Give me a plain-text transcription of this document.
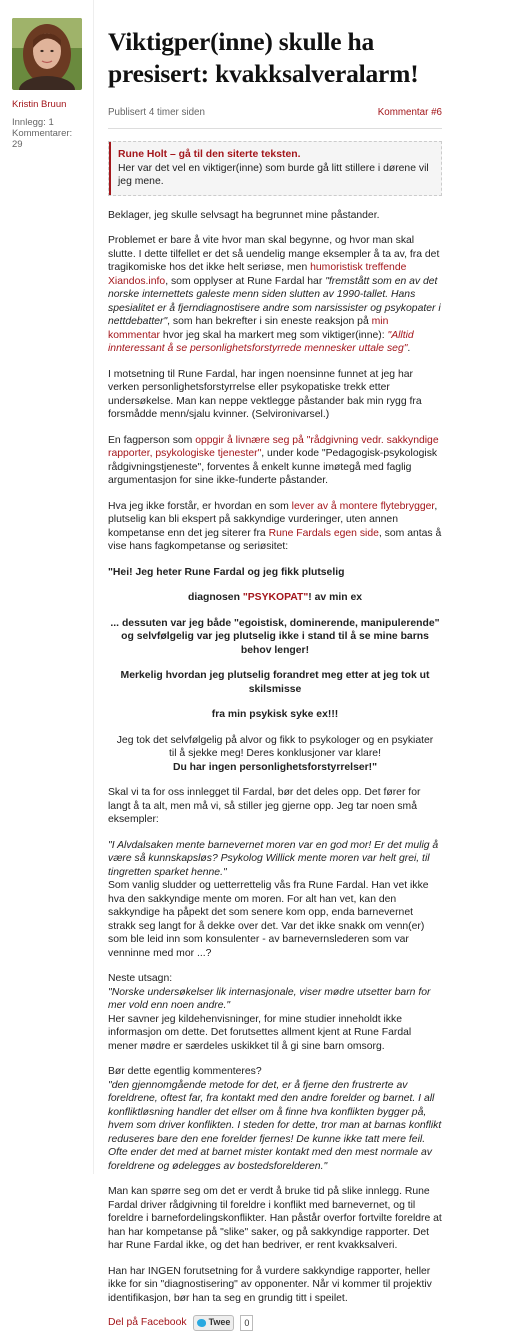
Kristin Bruun
Innlegg: 1
Kommentarer:
29
Viktigper(inne) skulle ha presisert: kvakksalveralarm!
Publisert 4 timer siden	Kommentar #6
Rune Holt – gå til den siterte teksten.
Her var det vel en viktiger(inne) som burde gå litt stillere i dørene vil jeg mene.

Beklager, jeg skulle selvsagt ha begrunnet mine påstander.

Problemet er bare å vite hvor man skal begynne, og hvor man skal slutte. I dette tilfellet er det så uendelig mange eksempler å ta av, fra det tragikomiske hos det ikke helt seriøse, men humoristisk treffende Xiandos.info, som opplyser at Rune Fardal har "fremstått som en av det norske internettets galeste menn siden slutten av 1990-tallet. Hans spesialitet er å fjerndiagnostisere andre som narsissister og psykopater i nettdebatter", som han bekrefter i sin eneste reaksjon på min kommentar hvor jeg skal ha markert meg som viktiger(inne): "Alltid innteressant å se personlighetsforstyrrede mennesker uttale seg".

I motsetning til Rune Fardal, har ingen noensinne funnet at jeg har verken personlighetsforstyrrelse eller psykopatiske trekk etter undersøkelse. Man kan neppe vektlegge påstander bak min rygg fra forsmådde menn/sjalu kvinner. (Selvironivarsel.)

En fagperson som oppgir å livnære seg på "rådgivning vedr. sakkyndige rapporter, psykologiske tjenester", under kode "Pedagogisk-psykologisk rådgivningstjeneste", forventes å enkelt kunne imøtegå med faglig argumentasjon for sine ikke-funderte påstander.

Hva jeg ikke forstår, er hvordan en som lever av å montere flytebrygger, plutselig kan bli ekspert på sakkyndige vurderinger, uten annen kompetanse enn det jeg siterer fra Rune Fardals egen side, som antas å vise hans fagkompetanse og seriøsitet:

"Hei! Jeg heter Rune Fardal og jeg fikk plutselig

diagnosen "PSYKOPAT"! av min ex

... dessuten var jeg både "egoistisk, dominerende, manipulerende" og selvfølgelig var jeg plutselig ikke i stand til å se mine barns behov lenger!

Merkelig hvordan jeg plutselig forandret meg etter at jeg tok ut skilsmisse

fra min psykisk syke ex!!!

Jeg tok det selvfølgelig på alvor og fikk to psykologer og en psykiater
til å sjekke meg! Deres konklusjoner var klare!
Du har ingen personlighetsforstyrrelser!"

Skal vi ta for oss innlegget til Fardal, bør det deles opp. Det fører for langt å ta alt, men må vi, så stiller jeg gjerne opp. Jeg tar noen små eksempler:

"I Alvdalsaken mente barnevernet moren var en god mor! Er det mulig å være så kunnskapsløs? Psykolog Willick mente moren var helt grei, til tingretten sparket henne."
Som vanlig sludder og uetterrettelig vås fra Rune Fardal. Han vet ikke hva den sakkyndige mente om moren. For alt han vet, kan den sakkyndige ha påpekt det som senere kom opp, enda barnevernet strakk seg langt for å dekke over det. Var det ikke snakk om venn(er) som ble leid inn som konsulenter - av barnevernslederen som var venninne med mor ...?

Neste utsagn:
"Norske undersøkelser lik internasjonale, viser mødre utsetter barn for mer vold enn noen andre."
Her savner jeg kildehenvisninger, for mine studier inneholdt ikke informasjon om dette. Det forutsettes allment kjent at Rune Fardal mener mødre er særdeles uskikket til å gi sine barn omsorg.

Bør dette egentlig kommenteres?
"den gjennomgående metode for det, er å fjerne den frustrerte av foreldrene, oftest far, fra kontakt med den andre forelder og barnet. I all konfliktløsning handler det ellser om å finne hva konflikten bygger på, hvem som driver konflikten. I steden for dette, tror man at barnas konflikt reduseres bare den ene forelder fjernes! De kunne ikke tatt mere feil. Ofte ender det med at barnet mister kontakt med den mest normale av foreldrene og ødelegges av bostedsforelderen."

Man kan spørre seg om det er verdt å bruke tid på slike innlegg. Rune Fardal driver rådgivning til foreldre i konflikt med barnevernet, og til foreldre i barnefordelingskonflikter. Han påstår overfor fortvilte foreldre at han har kompetanse på "slike" saker, og på sakkyndige rapporter. Det har Rune Fardal ikke, og det han bedriver, er rent kvakksalveri.

Han har INGEN forutsetning for å vurdere sakkyndige rapporter, heller ikke for sin "diagnostisering" av opponenter. Når vi kommer til projektiv identifikasjon, bør han ta seg en grundig titt i speilet.

Del på Facebook Twee	0
